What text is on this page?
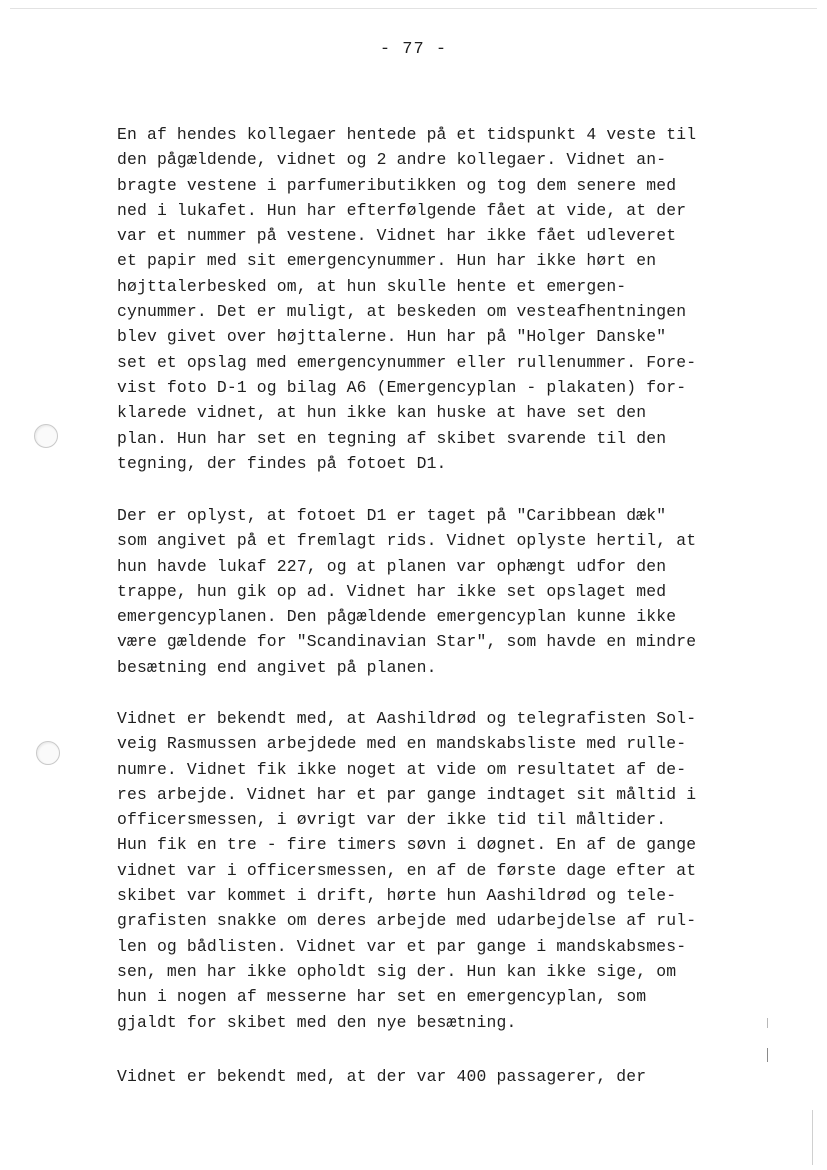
- 77 -
En af hendes kollegaer hentede på et tidspunkt 4 veste til
den pågældende, vidnet og 2 andre kollegaer. Vidnet an-
bragte vestene i parfumeributikken og tog dem senere med
ned i lukafet. Hun har efterfølgende fået at vide, at der
var et nummer på vestene. Vidnet har ikke fået udleveret
et papir med sit emergencynummer. Hun har ikke hørt en
højttalerbesked om, at hun skulle hente et emergen-
cynummer. Det er muligt, at beskeden om vesteafhentningen
blev givet over højttalerne. Hun har på "Holger Danske"
set et opslag med emergencynummer eller rullenummer. Fore-
vist foto D-1 og bilag A6 (Emergencyplan - plakaten) for-
klarede vidnet, at hun ikke kan huske at have set den
plan. Hun har set en tegning af skibet svarende til den
tegning, der findes på fotoet D1.
Der er oplyst, at fotoet D1 er taget på "Caribbean dæk"
som angivet på et fremlagt rids. Vidnet oplyste hertil, at
hun havde lukaf 227, og at planen var ophængt udfor den
trappe, hun gik op ad. Vidnet har ikke set opslaget med
emergencyplanen. Den pågældende emergencyplan kunne ikke
være gældende for "Scandinavian Star", som havde en mindre
besætning end angivet på planen.
Vidnet er bekendt med, at Aashildrød og telegrafisten Sol-
veig Rasmussen arbejdede med en mandskabsliste med rulle-
numre. Vidnet fik ikke noget at vide om resultatet af de-
res arbejde. Vidnet har et par gange indtaget sit måltid i
officersmessen, i øvrigt var der ikke tid til måltider.
Hun fik en tre - fire timers søvn i døgnet. En af de gange
vidnet var i officersmessen, en af de første dage efter at
skibet var kommet i drift, hørte hun Aashildrød og tele-
grafisten snakke om deres arbejde med udarbejdelse af rul-
len og bådlisten. Vidnet var et par gange i mandskabsmes-
sen, men har ikke opholdt sig der. Hun kan ikke sige, om
hun i nogen af messerne har set en emergencyplan, som
gjaldt for skibet med den nye besætning.
Vidnet er bekendt med, at der var 400 passagerer, der
